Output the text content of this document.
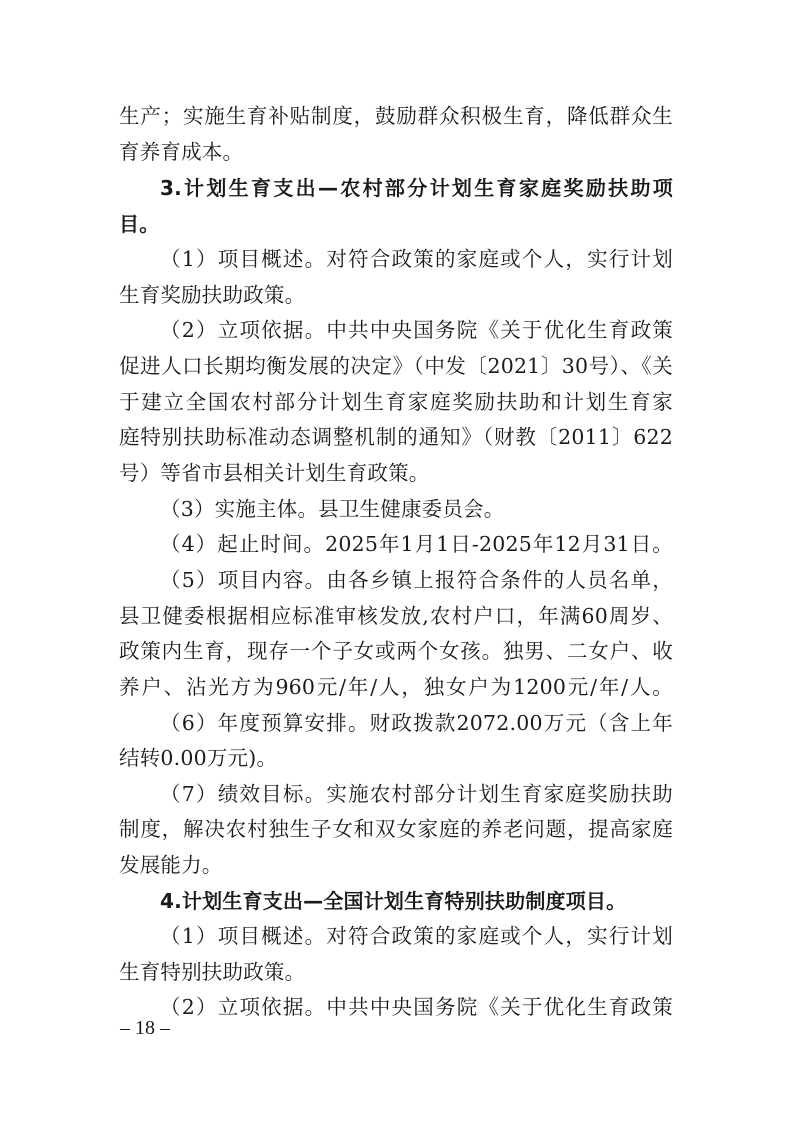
生产；实施生育补贴制度，鼓励群众积极生育，降低群众生
育养育成本。
3.计划生育支出—农村部分计划生育家庭奖励扶助项
目。
（1）项目概述。对符合政策的家庭或个人，实行计划
生育奖励扶助政策。
（2）立项依据。中共中央国务院《关于优化生育政策
促进人口长期均衡发展的决定》（中发〔2021〕30号）、《关
于建立全国农村部分计划生育家庭奖励扶助和计划生育家
庭特别扶助标准动态调整机制的通知》（财教〔2011〕622
号）等省市县相关计划生育政策。
（3）实施主体。县卫生健康委员会。
（4）起止时间。2025年1月1日-2025年12月31日。
（5）项目内容。由各乡镇上报符合条件的人员名单，
县卫健委根据相应标准审核发放,农村户口，年满60周岁、
政策内生育，现存一个子女或两个女孩。独男、二女户、收
养户、沾光方为960元/年/人，独女户为1200元/年/人。
（6）年度预算安排。财政拨款2072.00万元（含上年
结转0.00万元)。
（7）绩效目标。实施农村部分计划生育家庭奖励扶助
制度，解决农村独生子女和双女家庭的养老问题，提高家庭
发展能力。
4.计划生育支出—全国计划生育特别扶助制度项目。
（1）项目概述。对符合政策的家庭或个人，实行计划
生育特别扶助政策。
（2）立项依据。中共中央国务院《关于优化生育政策
– 18 –
